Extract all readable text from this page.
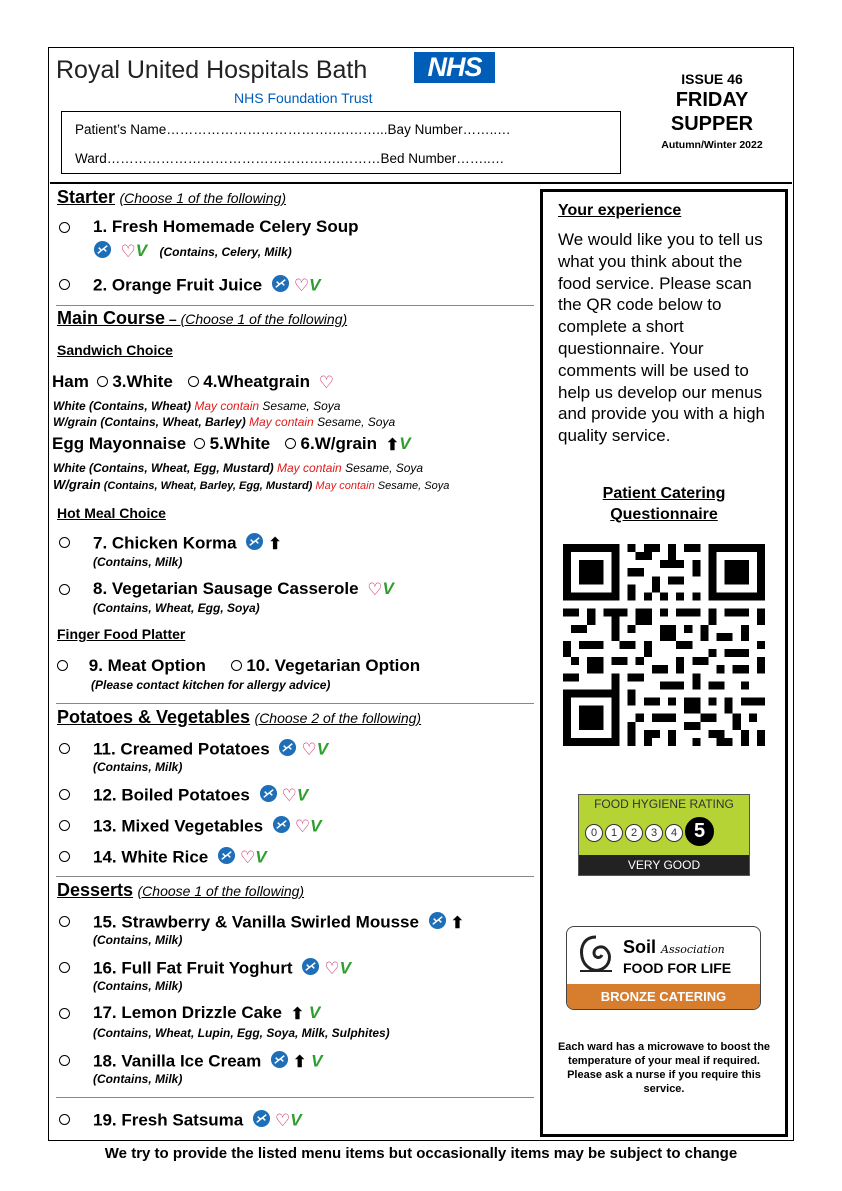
Royal United Hospitals Bath	NHS
NHS Foundation Trust
Patient’s Name……………………………….….……...Bay Number……..…
Ward…………………………………………….………Bed Number……..…
ISSUE 46
FRIDAY
SUPPER
Autumn/Winter 2022
Starter (Choose 1 of the following)
1. Fresh Homemade Celery Soup
♡V (Contains, Celery, Milk)
2. Orange Fruit Juice ♡V
Main Course – (Choose 1 of the following)
Sandwich Choice
Ham 3.White 4.Wheatgrain ♡
White (Contains, Wheat) May contain Sesame, Soya
W/grain (Contains, Wheat, Barley) May contain Sesame, Soya
Egg Mayonnaise 5.White 6.W/grain ⬆V
White (Contains, Wheat, Egg, Mustard) May contain Sesame, Soya
W/grain (Contains, Wheat, Barley, Egg, Mustard) May contain Sesame, Soya
Hot Meal Choice
7. Chicken Korma ⬆
(Contains, Milk)
8. Vegetarian Sausage Casserole ♡V
(Contains, Wheat, Egg, Soya)
Finger Food Platter
9. Meat Option 10. Vegetarian Option
(Please contact kitchen for allergy advice)
Potatoes & Vegetables (Choose 2 of the following)
11. Creamed Potatoes ♡V
(Contains, Milk)
12. Boiled Potatoes ♡V
13. Mixed Vegetables ♡V
14. White Rice ♡V
Desserts (Choose 1 of the following)
15. Strawberry & Vanilla Swirled Mousse ⬆
(Contains, Milk)
16. Full Fat Fruit Yoghurt ♡V
(Contains, Milk)
17. Lemon Drizzle Cake ⬆ V
(Contains, Wheat, Lupin, Egg, Soya, Milk, Sulphites)
18. Vanilla Ice Cream ⬆ V
(Contains, Milk)
19. Fresh Satsuma ♡V
Your experience
We would like you to tell us what you think about the food service. Please scan the QR code below to complete a short questionnaire. Your comments will be used to help us develop our menus and provide you with a high quality service.
Patient Catering Questionnaire
FOOD HYGIENE RATING
0 1 2 3 4 5
VERY GOOD
Soil Association
FOOD FOR LIFE
BRONZE CATERING
Each ward has a microwave to boost the temperature of your meal if required. Please ask a nurse if you require this service.
We try to provide the listed menu items but occasionally items may be subject to change
